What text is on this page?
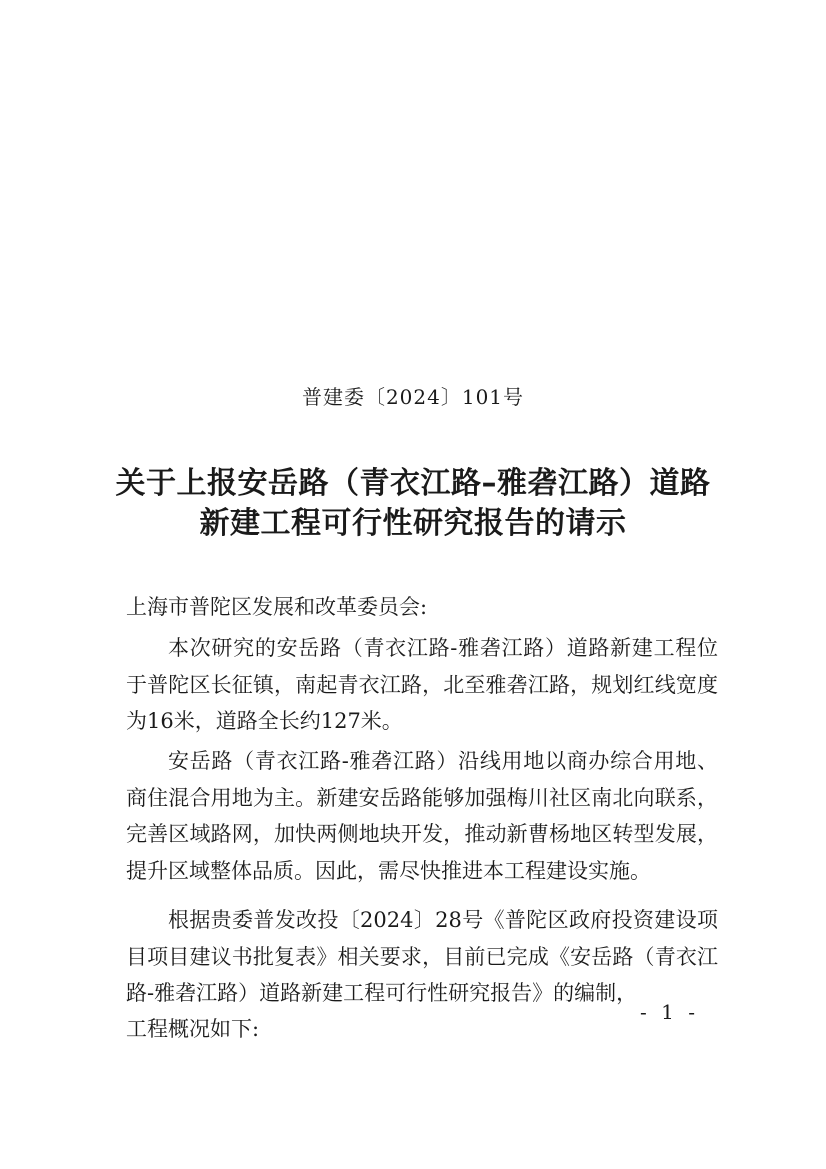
普建委〔2024〕101号
关于上报安岳路（青衣江路–雅砻江路）道路
新建工程可行性研究报告的请示
上海市普陀区发展和改革委员会:
本次研究的安岳路（青衣江路-雅砻江路）道路新建工程位于普陀区长征镇，南起青衣江路，北至雅砻江路，规划红线宽度为16米，道路全长约127米。
安岳路（青衣江路-雅砻江路）沿线用地以商办综合用地、商住混合用地为主。新建安岳路能够加强梅川社区南北向联系，完善区域路网，加快两侧地块开发，推动新曹杨地区转型发展，提升区域整体品质。因此，需尽快推进本工程建设实施。
根据贵委普发改投〔2024〕28号《普陀区政府投资建设项目项目建议书批复表》相关要求，目前已完成《安岳路（青衣江路-雅砻江路）道路新建工程可行性研究报告》的编制，
工程概况如下:
- 1 -
